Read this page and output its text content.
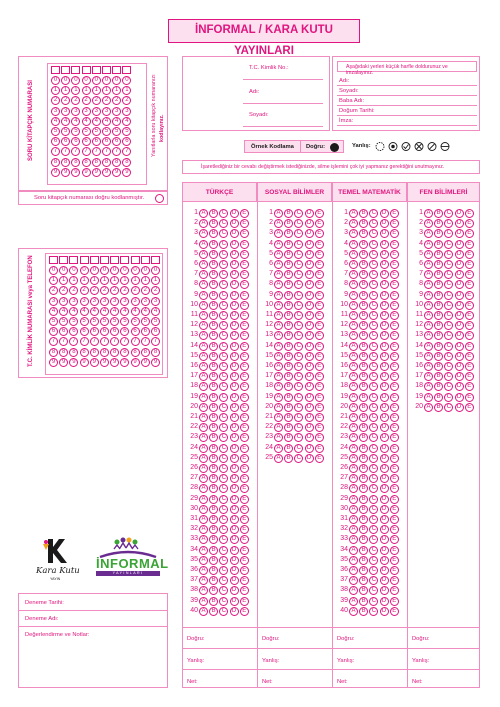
İNFORMAL / KARA KUTU YAYINLARI
SORU KİTAPÇIK NUMARASI
0
1
2
3
4
5
6
7
8
9
0
1
2
3
4
5
6
7
8
9
0
1
2
3
4
5
6
7
8
9
0
1
2
3
4
5
6
7
8
9
0
1
2
3
4
5
6
7
8
9
0
1
2
3
4
5
6
7
8
9
0
1
2
3
4
5
6
7
8
9
0
1
2
3
4
5
6
7
8
9
Yanıtlarla soru kitapçık numaranızı kodlayınız.
Soru kitapçık numarası doğru kodlanmıştır.
T.C. KİMLİK NUMARASI veya TELEFON	0
1
2
3
4
5
6
7
8
9
0
1
2
3
4
5
6
7
8
9
0
1
2
3
4
5
6
7
8
9
0
1
2
3
4
5
6
7
8
9
0
1
2
3
4
5
6
7
8
9
0
1
2
3
4
5
6
7
8
9
0
1
2
3
4
5
6
7
8
9
0
1
2
3
4
5
6
7
8
9
0
1
2
3
4
5
6
7
8
9
0
1
2
3
4
5
6
7
8
9
0
1
2
3
4
5
6
7
8
9
T.C. Kimlik No.:
Adı:
Soyadı:
Aşağıdaki yerleri küçük harfle doldurunuz ve imzalayınız.
Adı:
Soyadı:
Baba Adı:
Doğum Tarihi:
İmza:
Örnek Kodlama Doğru:	Yanlış:
İşaretlediğiniz bir cevabı değiştirmek istediğinizde, silme işlemini çok iyi yapmanız gerektiğini unutmayınız.
TÜRKÇE
1 A B C D E
2 A B C D E
3 A B C D E
4 A B C D E
5 A B C D E
6 A B C D E
7 A B C D E
8 A B C D E
9 A B C D E
10 A B C D E
11 A B C D E
12 A B C D E
13 A B C D E
14 A B C D E
15 A B C D E
16 A B C D E
17 A B C D E
18 A B C D E
19 A B C D E
20 A B C D E
21 A B C D E
22 A B C D E
23 A B C D E
24 A B C D E
25 A B C D E
26 A B C D E
27 A B C D E
28 A B C D E
29 A B C D E
30 A B C D E
31 A B C D E
32 A B C D E
33 A B C D E
34 A B C D E
35 A B C D E
36 A B C D E
37 A B C D E
38 A B C D E
39 A B C D E
40 A B C D E
Doğru:
Yanlış:
Net:
SOSYAL BİLİMLER
1 A B C D E
2 A B C D E
3 A B C D E
4 A B C D E
5 A B C D E
6 A B C D E
7 A B C D E
8 A B C D E
9 A B C D E
10 A B C D E
11 A B C D E
12 A B C D E
13 A B C D E
14 A B C D E
15 A B C D E
16 A B C D E
17 A B C D E
18 A B C D E
19 A B C D E
20 A B C D E
21 A B C D E
22 A B C D E
23 A B C D E
24 A B C D E
25 A B C D E
Doğru:
Yanlış:
Net:
TEMEL MATEMATİK
1 A B C D E
2 A B C D E
3 A B C D E
4 A B C D E
5 A B C D E
6 A B C D E
7 A B C D E
8 A B C D E
9 A B C D E
10 A B C D E
11 A B C D E
12 A B C D E
13 A B C D E
14 A B C D E
15 A B C D E
16 A B C D E
17 A B C D E
18 A B C D E
19 A B C D E
20 A B C D E
21 A B C D E
22 A B C D E
23 A B C D E
24 A B C D E
25 A B C D E
26 A B C D E
27 A B C D E
28 A B C D E
29 A B C D E
30 A B C D E
31 A B C D E
32 A B C D E
33 A B C D E
34 A B C D E
35 A B C D E
36 A B C D E
37 A B C D E
38 A B C D E
39 A B C D E
40 A B C D E
Doğru:
Yanlış:
Net:
FEN BİLİMLERİ
1 A B C D E
2 A B C D E
3 A B C D E
4 A B C D E
5 A B C D E
6 A B C D E
7 A B C D E
8 A B C D E
9 A B C D E
10 A B C D E
11 A B C D E
12 A B C D E
13 A B C D E
14 A B C D E
15 A B C D E
16 A B C D E
17 A B C D E
18 A B C D E
19 A B C D E
20 A B C D E
Doğru:
Yanlış:
Net:
Deneme Tarihi:
Deneme Adı:
Değerlendirme ve Notlar:
Kara Kutu
YAYIN
İNFORMAL
YAYINLARI
